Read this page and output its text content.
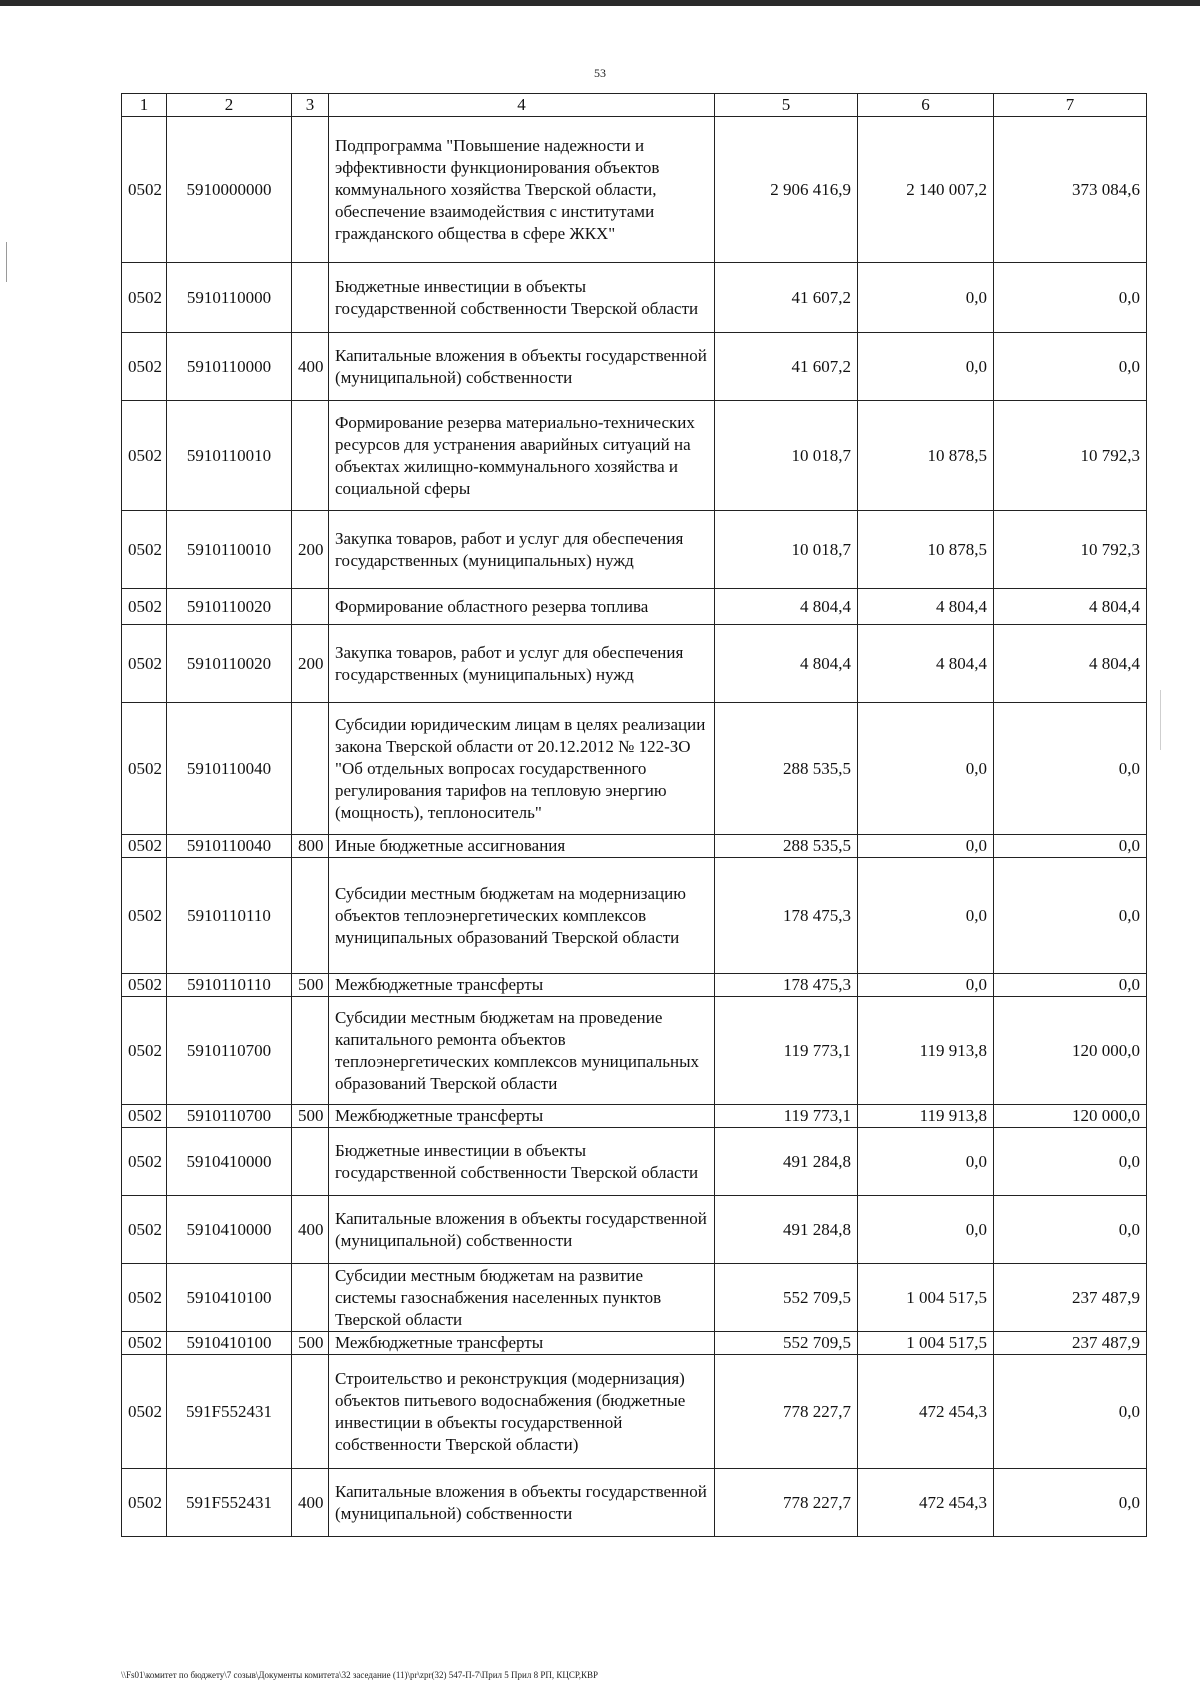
53
1	2	3	4	5	6	7
0502	5910000000		Подпрограмма "Повышение надежности и эффективности функционирования объектов коммунального хозяйства Тверской области, обеспечение взаимодействия с институтами гражданского общества в сфере ЖКХ"	2 906 416,9	2 140 007,2	373 084,6
0502	5910110000		Бюджетные инвестиции в объекты государственной собственности Тверской области	41 607,2	0,0	0,0
0502	5910110000	400	Капитальные вложения в объекты государственной (муниципальной) собственности	41 607,2	0,0	0,0
0502	5910110010		Формирование резерва материально-технических ресурсов для устранения аварийных ситуаций на объектах жилищно-коммунального хозяйства и социальной сферы	10 018,7	10 878,5	10 792,3
0502	5910110010	200	Закупка товаров, работ и услуг для обеспечения государственных (муниципальных) нужд	10 018,7	10 878,5	10 792,3
0502	5910110020		Формирование областного резерва топлива	4 804,4	4 804,4	4 804,4
0502	5910110020	200	Закупка товаров, работ и услуг для обеспечения государственных (муниципальных) нужд	4 804,4	4 804,4	4 804,4
0502	5910110040		Субсидии юридическим лицам в целях реализации закона Тверской области от 20.12.2012 № 122-ЗО "Об отдельных вопросах государственного регулирования тарифов на тепловую энергию (мощность), теплоноситель"	288 535,5	0,0	0,0
0502	5910110040	800	Иные бюджетные ассигнования	288 535,5	0,0	0,0
0502	5910110110		Субсидии местным бюджетам на модернизацию объектов теплоэнергетических комплексов муниципальных образований Тверской области	178 475,3	0,0	0,0
0502	5910110110	500	Межбюджетные трансферты	178 475,3	0,0	0,0
0502	5910110700		Субсидии местным бюджетам на проведение капитального ремонта объектов теплоэнергетических комплексов муниципальных образований Тверской области	119 773,1	119 913,8	120 000,0
0502	5910110700	500	Межбюджетные трансферты	119 773,1	119 913,8	120 000,0
0502	5910410000		Бюджетные инвестиции в объекты государственной собственности Тверской области	491 284,8	0,0	0,0
0502	5910410000	400	Капитальные вложения в объекты государственной (муниципальной) собственности	491 284,8	0,0	0,0
0502	5910410100		Субсидии местным бюджетам на развитие системы газоснабжения населенных пунктов Тверской области	552 709,5	1 004 517,5	237 487,9
0502	5910410100	500	Межбюджетные трансферты	552 709,5	1 004 517,5	237 487,9
0502	591F552431		Строительство и реконструкция (модернизация) объектов питьевого водоснабжения (бюджетные инвестиции в объекты государственной собственности Тверской области)	778 227,7	472 454,3	0,0
0502	591F552431	400	Капитальные вложения в объекты государственной (муниципальной) собственности	778 227,7	472 454,3	0,0
\\Fs01\комитет по бюджету\7 созыв\Документы комитета\32 заседание (11)\pr\zpr(32) 547-П-7\Прил 5 Прил 8 РП, КЦСР,КВР
